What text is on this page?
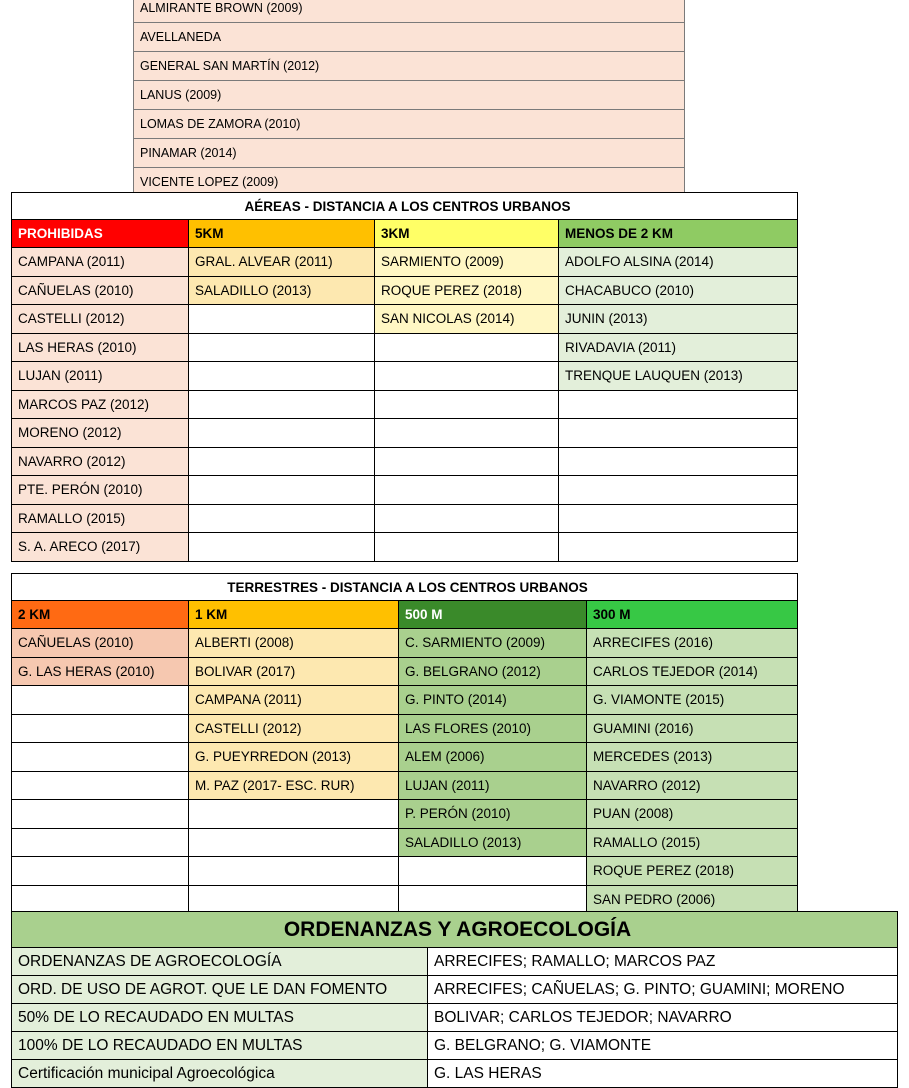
ALMIRANTE BROWN (2009)
AVELLANEDA
GENERAL SAN MARTÍN (2012)
LANUS (2009)
LOMAS DE ZAMORA (2010)
PINAMAR (2014)
VICENTE LOPEZ (2009)
AÉREAS - DISTANCIA A LOS CENTROS URBANOS			
PROHIBIDAS	5KM	3KM	MENOS DE 2 KM
CAMPANA (2011)	GRAL. ALVEAR (2011)	SARMIENTO (2009)	ADOLFO ALSINA (2014)
CAÑUELAS (2010)	SALADILLO (2013)	ROQUE PEREZ (2018)	CHACABUCO (2010)
CASTELLI (2012)		SAN NICOLAS (2014)	JUNIN (2013)
LAS HERAS (2010)			RIVADAVIA (2011)
LUJAN (2011)			TRENQUE LAUQUEN (2013)
MARCOS PAZ (2012)			
MORENO (2012)			
NAVARRO (2012)			
PTE. PERÓN (2010)			
RAMALLO (2015)			
S. A. ARECO (2017)			
TERRESTRES - DISTANCIA A LOS CENTROS URBANOS			
2 KM	1 KM	500 M	300 M
CAÑUELAS (2010)	ALBERTI (2008)	C. SARMIENTO (2009)	ARRECIFES (2016)
G. LAS HERAS (2010)	BOLIVAR (2017)	G. BELGRANO (2012)	CARLOS TEJEDOR (2014)
	CAMPANA (2011)	G. PINTO (2014)	G. VIAMONTE (2015)
	CASTELLI (2012)	LAS FLORES (2010)	GUAMINI (2016)
	G. PUEYRREDON (2013)	ALEM (2006)	MERCEDES (2013)
	M. PAZ (2017- ESC. RUR)	LUJAN (2011)	NAVARRO (2012)
		P. PERÓN (2010)	PUAN (2008)
		SALADILLO (2013)	RAMALLO (2015)
			ROQUE PEREZ (2018)
			SAN PEDRO (2006)
ORDENANZAS Y AGROECOLOGÍA	
ORDENANZAS DE AGROECOLOGÍA	ARRECIFES; RAMALLO; MARCOS PAZ
ORD. DE USO DE AGROT. QUE LE DAN FOMENTO	ARRECIFES; CAÑUELAS; G. PINTO; GUAMINI; MORENO
50% DE LO RECAUDADO EN MULTAS	BOLIVAR; CARLOS TEJEDOR; NAVARRO
100% DE LO RECAUDADO EN MULTAS	G. BELGRANO; G. VIAMONTE
Certificación municipal Agroecológica	G. LAS HERAS
